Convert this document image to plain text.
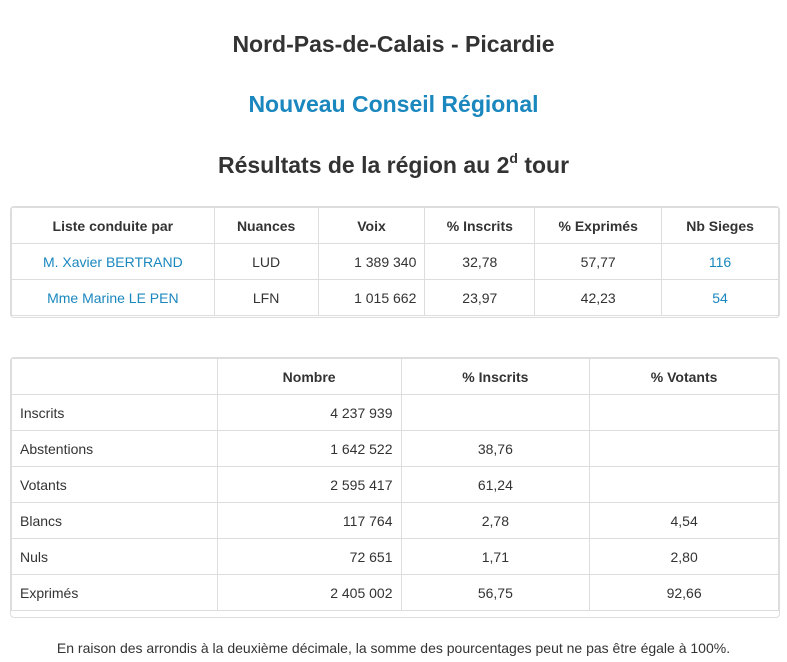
Nord-Pas-de-Calais - Picardie
Nouveau Conseil Régional
Résultats de la région au 2$^d$ tour
Liste conduite par	Nuances	Voix	% Inscrits	% Exprimés	Nb Sieges
M. Xavier BERTRAND	LUD	1 389 340	32,78	57,77	116
Mme Marine LE PEN	LFN	1 015 662	23,97	42,23	54
	Nombre	% Inscrits	% Votants
Inscrits	4 237 939		
Abstentions	1 642 522	38,76	
Votants	2 595 417	61,24	
Blancs	117 764	2,78	4,54
Nuls	72 651	1,71	2,80
Exprimés	2 405 002	56,75	92,66

En raison des arrondis à la deuxième décimale, la somme des pourcentages peut ne pas être égale à 100%.
